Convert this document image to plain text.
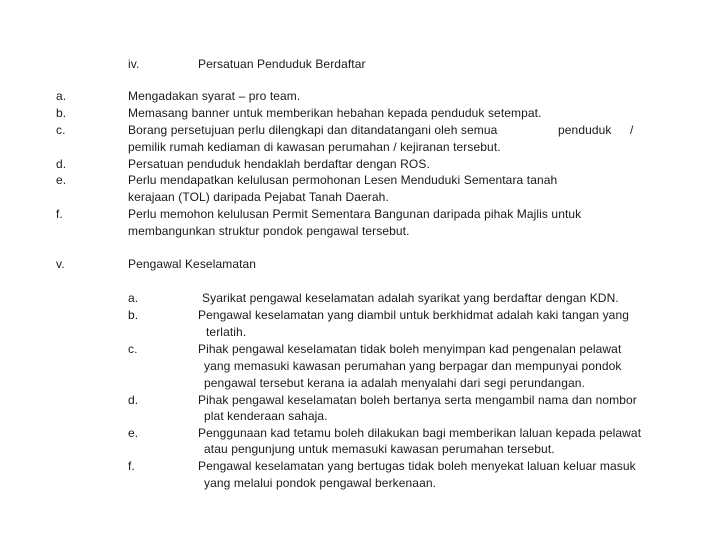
iv.	Persatuan Penduduk Berdaftar
a.
b.
c.
d.
e.
f.
Mengadakan syarat – pro team.
Memasang banner untuk memberikan hebahan kepada penduduk setempat.
Borang persetujuan perlu dilengkapi dan ditandatangani oleh semua	penduduk /
pemilik rumah kediaman di kawasan perumahan / kejiranan tersebut.
Persatuan penduduk hendaklah berdaftar dengan ROS.
Perlu mendapatkan kelulusan permohonan Lesen Menduduki Sementara tanah
kerajaan (TOL) daripada Pejabat Tanah Daerah.
Perlu memohon kelulusan Permit Sementara Bangunan daripada pihak Majlis untuk
membangunkan struktur pondok pengawal tersebut.
v.	Pengawal Keselamatan
a.
b.
c.
d.
e.
f.
Syarikat pengawal keselamatan adalah syarikat yang berdaftar dengan KDN.
Pengawal keselamatan yang diambil untuk berkhidmat adalah kaki tangan yang
terlatih.
Pihak pengawal keselamatan tidak boleh menyimpan kad pengenalan pelawat
yang memasuki kawasan perumahan yang berpagar dan mempunyai pondok
pengawal tersebut kerana ia adalah menyalahi dari segi perundangan.
Pihak pengawal keselamatan boleh bertanya serta mengambil nama dan nombor
plat kenderaan sahaja.
Penggunaan kad tetamu boleh dilakukan bagi memberikan laluan kepada pelawat
atau pengunjung untuk memasuki kawasan perumahan tersebut.
Pengawal keselamatan yang bertugas tidak boleh menyekat laluan keluar masuk
yang melalui pondok pengawal berkenaan.
